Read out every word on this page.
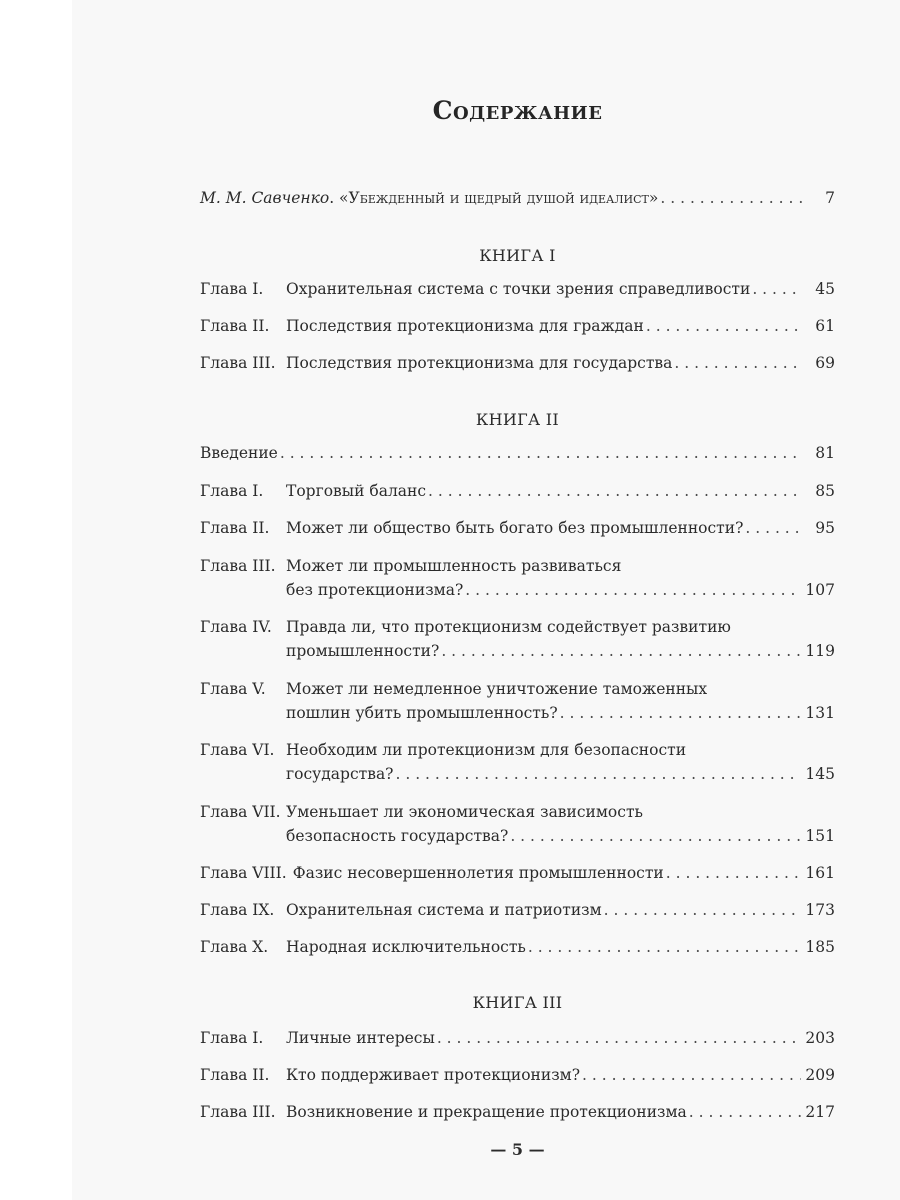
Содержание
М. М. Савченко. «Убежденный и щедрый душой идеалист» . . .	7
КНИГА I
Глава I.	Охранительная система с точки зрения справедливости . . .	45
Глава II.	Последствия протекционизма для граждан . . .	61
Глава III. Последствия протекционизма для государства . . .	69
КНИГА II
Введение . . .	81
Глава I.	Торговый баланс . . .	85
Глава II.	Может ли общество быть богато без промышленности? . . .	95
Глава III. Может ли промышленность развиваться
без протекционизма? . . .	107
Глава IV. Правда ли, что протекционизм содействует развитию
промышленности? . . .	119
Глава V.	Может ли немедленное уничтожение таможенных
пошлин убить промышленность? . . .	131
Глава VI. Необходим ли протекционизм для безопасности
государства? . . .	145
Глава VII. Уменьшает ли экономическая зависимость
безопасность государства? . . .	151
Глава VIII. Фазис несовершеннолетия промышленности . . .	161
Глава IX. Охранительная система и патриотизм . . .	173
Глава X.	Народная исключительность . . .	185
КНИГА III
Глава I.	Личные интересы . . .	203
Глава II.	Кто поддерживает протекционизм? . . .	209
Глава III. Возникновение и прекращение протекционизма . . .	217
— 5 —
